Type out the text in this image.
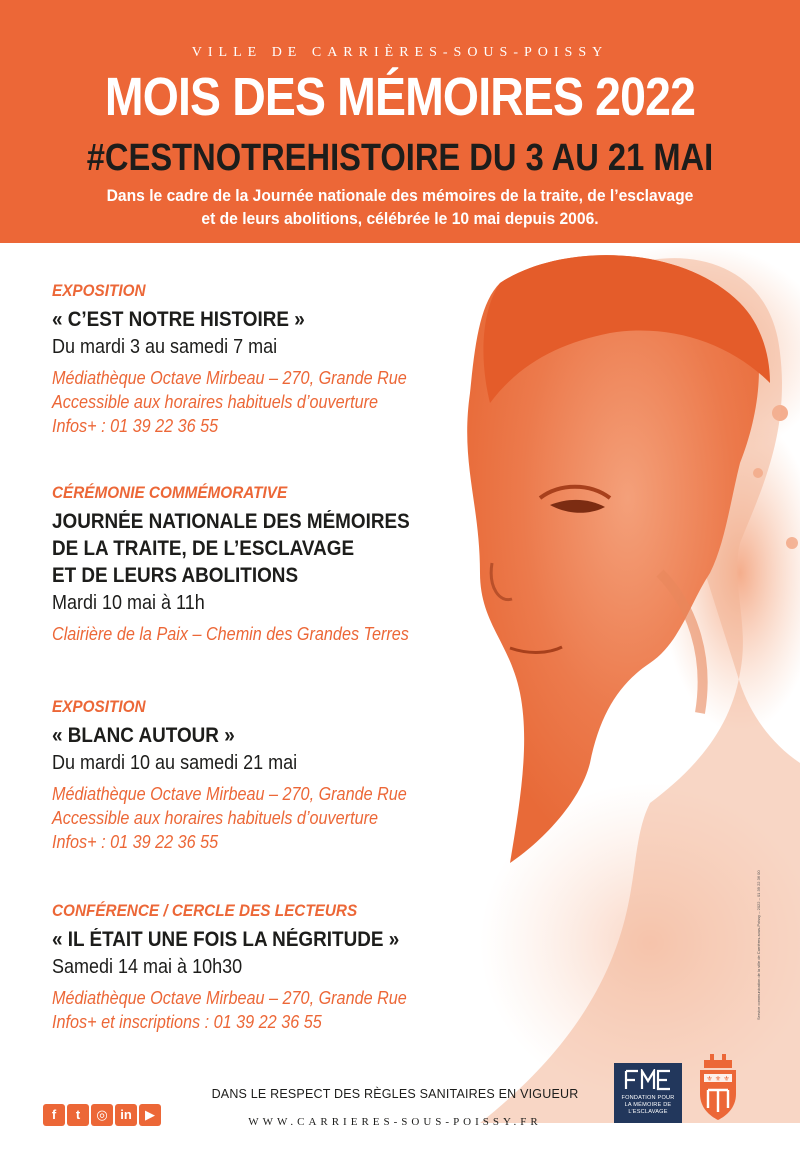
VILLE DE CARRIÈRES-SOUS-POISSY
MOIS DES MÉMOIRES 2022
#CESTNOTREHISTOIRE DU 3 AU 21 MAI
Dans le cadre de la Journée nationale des mémoires de la traite, de l’esclavage
et de leurs abolitions, célébrée le 10 mai depuis 2006.
EXPOSITION
« C’EST NOTRE HISTOIRE »
Du mardi 3 au samedi 7 mai
Médiathèque Octave Mirbeau – 270, Grande Rue
Accessible aux horaires habituels d’ouverture
Infos+ : 01 39 22 36 55
CÉRÉMONIE COMMÉMORATIVE
JOURNÉE NATIONALE DES MÉMOIRES
DE LA TRAITE, DE L’ESCLAVAGE
ET DE LEURS ABOLITIONS
Mardi 10 mai à 11h
Clairière de la Paix – Chemin des Grandes Terres
EXPOSITION
« BLANC AUTOUR »
Du mardi 10 au samedi 21 mai
Médiathèque Octave Mirbeau – 270, Grande Rue
Accessible aux horaires habituels d’ouverture
Infos+ : 01 39 22 36 55
CONFÉRENCE / CERCLE DES LECTEURS
« IL ÉTAIT UNE FOIS LA NÉGRITUDE »
Samedi 14 mai à 10h30
Médiathèque Octave Mirbeau – 270, Grande Rue
Infos+ et inscriptions : 01 39 22 36 55
Service communication de la ville de Carrières-sous-Poissy – 2022 – 01 39 22 36 00
f	t	◎ in	▶
DANS LE RESPECT DES RÈGLES SANITAIRES EN VIGUEUR
WWW.CARRIERES-SOUS-POISSY.FR
FONDATION POUR
LA MÉMOIRE DE
L’ESCLAVAGE
⚜ ⚜ ⚜
